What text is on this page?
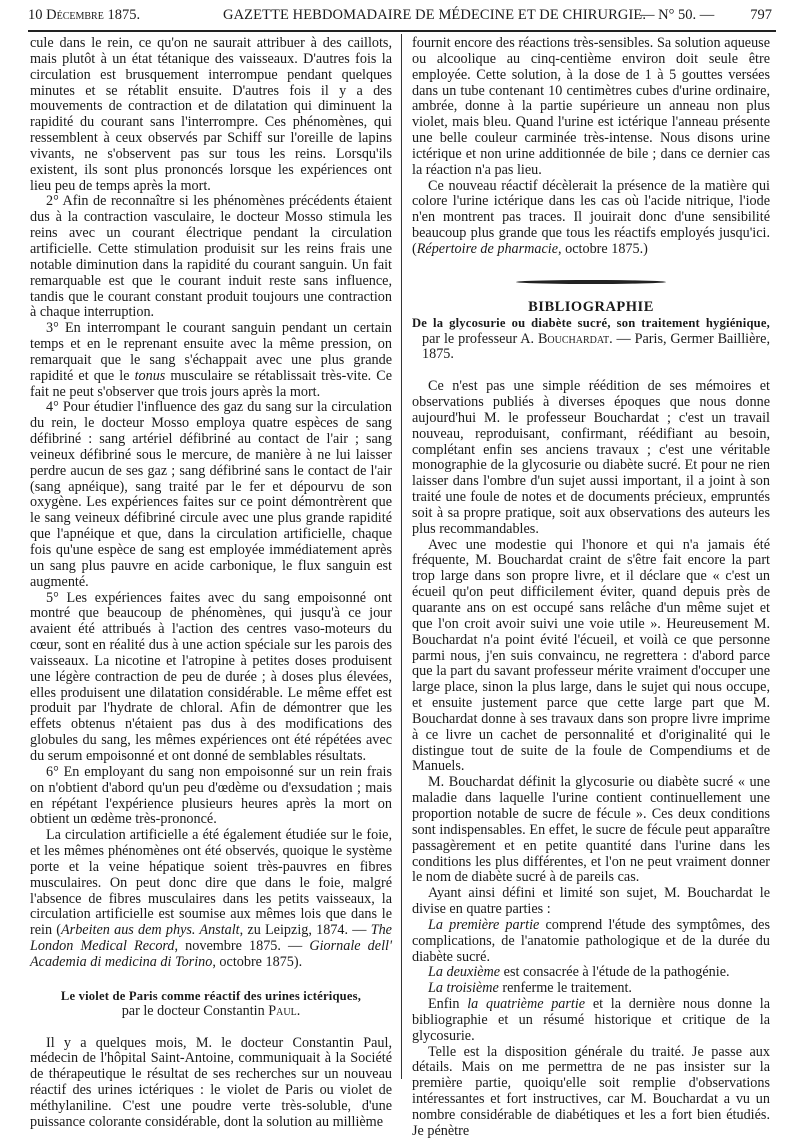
10 Décembre 1875.	GAZETTE HEBDOMADAIRE DE MÉDECINE ET DE CHIRURGIE.
— N° 50. — 797

cule dans le rein, ce qu'on ne saurait attribuer à des caillots, mais plutôt à un état tétanique des vaisseaux. D'autres fois la circulation est brusquement interrompue pendant quelques minutes et se rétablit ensuite. D'autres fois il y a des mouvements de contraction et de dilatation qui diminuent la rapidité du courant sans l'interrompre. Ces phénomènes, qui ressemblent à ceux observés par Schiff sur l'oreille de lapins vivants, ne s'observent pas sur tous les reins. Lorsqu'ils existent, ils sont plus prononcés lorsque les expériences ont lieu peu de temps après la mort.

2° Afin de reconnaître si les phénomènes précédents étaient dus à la contraction vasculaire, le docteur Mosso stimula les reins avec un courant électrique pendant la circulation artificielle. Cette stimulation produisit sur les reins frais une notable diminution dans la rapidité du courant sanguin. Un fait remarquable est que le courant induit reste sans influence, tandis que le courant constant produit toujours une contraction à chaque interruption.

3° En interrompant le courant sanguin pendant un certain temps et en le reprenant ensuite avec la même pression, on remarquait que le sang s'échappait avec une plus grande rapidité et que le tonus musculaire se rétablissait très-vite. Ce fait ne peut s'observer que trois jours après la mort.

4° Pour étudier l'influence des gaz du sang sur la circulation du rein, le docteur Mosso employa quatre espèces de sang défibriné : sang artériel défibriné au contact de l'air ; sang veineux défibriné sous le mercure, de manière à ne lui laisser perdre aucun de ses gaz ; sang défibriné sans le contact de l'air (sang apnéique), sang traité par le fer et dépourvu de son oxygène. Les expériences faites sur ce point démontrèrent que le sang veineux défibriné circule avec une plus grande rapidité que l'apnéique et que, dans la circulation artificielle, chaque fois qu'une espèce de sang est employée immédiatement après un sang plus pauvre en acide carbonique, le flux sanguin est augmenté.

5° Les expériences faites avec du sang empoisonné ont montré que beaucoup de phénomènes, qui jusqu'à ce jour avaient été attribués à l'action des centres vaso-moteurs du cœur, sont en réalité dus à une action spéciale sur les parois des vaisseaux. La nicotine et l'atropine à petites doses produisent une légère contraction de peu de durée ; à doses plus élevées, elles produisent une dilatation considérable. Le même effet est produit par l'hydrate de chloral. Afin de démontrer que les effets obtenus n'étaient pas dus à des modifications des globules du sang, les mêmes expériences ont été répétées avec du serum empoisonné et ont donné de semblables résultats.

6° En employant du sang non empoisonné sur un rein frais on n'obtient d'abord qu'un peu d'œdème ou d'exsudation ; mais en répétant l'expérience plusieurs heures après la mort on obtient un œdème très-prononcé.

La circulation artificielle a été également étudiée sur le foie, et les mêmes phénomènes ont été observés, quoique le système porte et la veine hépatique soient très-pauvres en fibres musculaires. On peut donc dire que dans le foie, malgré l'absence de fibres musculaires dans les petits vaisseaux, la circulation artificielle est soumise aux mêmes lois que dans le rein (Arbeiten aus dem phys. Anstalt, zu Leipzig, 1874. — The London Medical Record, novembre 1875. — Giornale dell' Academia di medicina di Torino, octobre 1875).

Le violet de Paris comme réactif des urines ictériques,

par le docteur Constantin Paul.

Il y a quelques mois, M. le docteur Constantin Paul, médecin de l'hôpital Saint-Antoine, communiquait à la Société de thérapeutique le résultat de ses recherches sur un nouveau réactif des urines ictériques : le violet de Paris ou violet de méthylaniline. C'est une poudre verte très-soluble, d'une puissance colorante considérable, dont la solution au millième

fournit encore des réactions très-sensibles. Sa solution aqueuse ou alcoolique au cinq-centième environ doit seule être employée. Cette solution, à la dose de 1 à 5 gouttes versées dans un tube contenant 10 centimètres cubes d'urine ordinaire, ambrée, donne à la partie supérieure un anneau non plus violet, mais bleu. Quand l'urine est ictérique l'anneau présente une belle couleur carminée très-intense. Nous disons urine ictérique et non urine additionnée de bile ; dans ce dernier cas la réaction n'a pas lieu.

Ce nouveau réactif décèlerait la présence de la matière qui colore l'urine ictérique dans les cas où l'acide nitrique, l'iode n'en montrent pas traces. Il jouirait donc d'une sensibilité beaucoup plus grande que tous les réactifs employés jusqu'ici. (Répertoire de pharmacie, octobre 1875.)

BIBLIOGRAPHIE

De la glycosurie ou diabète sucré, son traitement hygiénique, par le professeur A. Bouchardat. — Paris, Germer Baillière, 1875.

Ce n'est pas une simple réédition de ses mémoires et observations publiés à diverses époques que nous donne aujourd'hui M. le professeur Bouchardat ; c'est un travail nouveau, reproduisant, confirmant, réédifiant au besoin, complétant enfin ses anciens travaux ; c'est une véritable monographie de la glycosurie ou diabète sucré. Et pour ne rien laisser dans l'ombre d'un sujet aussi important, il a joint à son traité une foule de notes et de documents précieux, empruntés soit à sa propre pratique, soit aux observations des auteurs les plus recommandables.

Avec une modestie qui l'honore et qui n'a jamais été fréquente, M. Bouchardat craint de s'être fait encore la part trop large dans son propre livre, et il déclare que « c'est un écueil qu'on peut difficilement éviter, quand depuis près de quarante ans on est occupé sans relâche d'un même sujet et que l'on croit avoir suivi une voie utile ». Heureusement M. Bouchardat n'a point évité l'écueil, et voilà ce que personne parmi nous, j'en suis convaincu, ne regrettera : d'abord parce que la part du savant professeur mérite vraiment d'occuper une large place, sinon la plus large, dans le sujet qui nous occupe, et ensuite justement parce que cette large part que M. Bouchardat donne à ses travaux dans son propre livre imprime à ce livre un cachet de personnalité et d'originalité qui le distingue tout de suite de la foule de Compendiums et de Manuels.

M. Bouchardat définit la glycosurie ou diabète sucré « une maladie dans laquelle l'urine contient continuellement une proportion notable de sucre de fécule ». Ces deux conditions sont indispensables. En effet, le sucre de fécule peut apparaître passagèrement et en petite quantité dans l'urine dans les conditions les plus différentes, et l'on ne peut vraiment donner le nom de diabète sucré à de pareils cas.

Ayant ainsi défini et limité son sujet, M. Bouchardat le divise en quatre parties :

La première partie comprend l'étude des symptômes, des complications, de l'anatomie pathologique et de la durée du diabète sucré.

La deuxième est consacrée à l'étude de la pathogénie.

La troisième renferme le traitement.

Enfin la quatrième partie et la dernière nous donne la bibliographie et un résumé historique et critique de la glycosurie.

Telle est la disposition générale du traité. Je passe aux détails. Mais on me permettra de ne pas insister sur la première partie, quoiqu'elle soit remplie d'observations intéressantes et fort instructives, car M. Bouchardat a vu un nombre considérable de diabétiques et les a fort bien étudiés. Je pénètre
